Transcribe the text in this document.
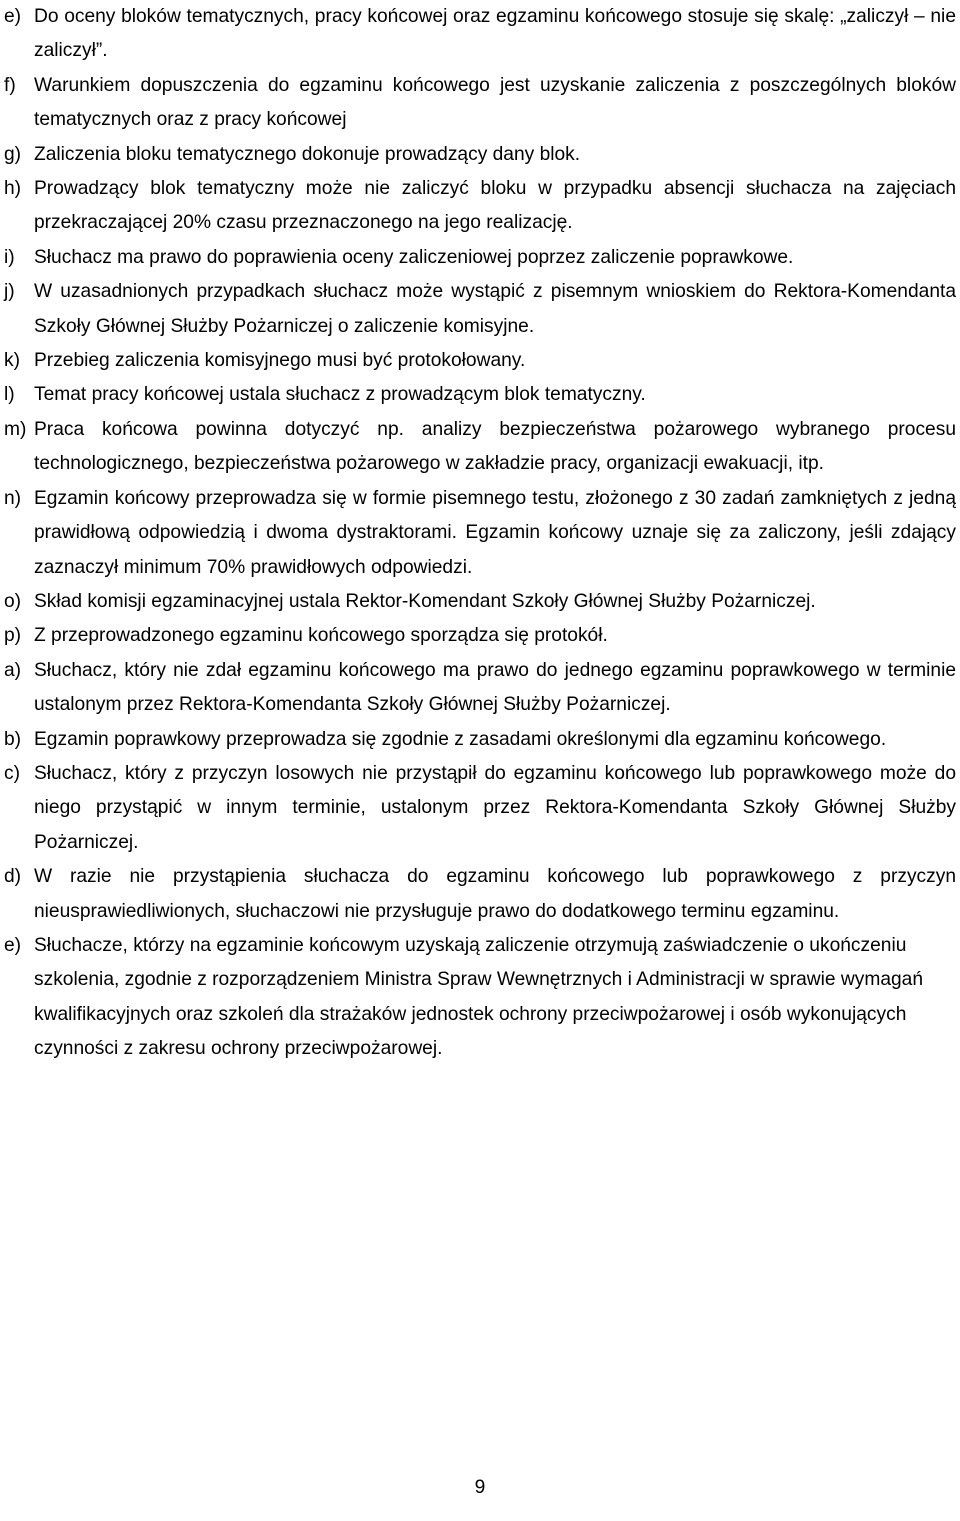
e) Do oceny bloków tematycznych, pracy końcowej oraz egzaminu końcowego stosuje się skalę: „zaliczył – nie zaliczył”.
f) Warunkiem dopuszczenia do egzaminu końcowego jest uzyskanie zaliczenia z poszczególnych bloków tematycznych oraz z pracy końcowej
g) Zaliczenia bloku tematycznego dokonuje prowadzący dany blok.
h) Prowadzący blok tematyczny może nie zaliczyć bloku w przypadku absencji słuchacza na zajęciach przekraczającej 20% czasu przeznaczonego na jego realizację.
i)	Słuchacz ma prawo do poprawienia oceny zaliczeniowej poprzez zaliczenie poprawkowe.
j)	W uzasadnionych przypadkach słuchacz może wystąpić z pisemnym wnioskiem do Rektora-Komendanta Szkoły Głównej Służby Pożarniczej o zaliczenie komisyjne.
k) Przebieg zaliczenia komisyjnego musi być protokołowany.
l)	Temat pracy końcowej ustala słuchacz z prowadzącym blok tematyczny.
m) Praca końcowa powinna dotyczyć np. analizy bezpieczeństwa pożarowego wybranego procesu technologicznego, bezpieczeństwa pożarowego w zakładzie pracy, organizacji ewakuacji, itp.
n) Egzamin końcowy przeprowadza się w formie pisemnego testu, złożonego z 30 zadań zamkniętych z jedną prawidłową odpowiedzią i dwoma dystraktorami. Egzamin końcowy uznaje się za zaliczony, jeśli zdający zaznaczył minimum 70% prawidłowych odpowiedzi.
o) Skład komisji egzaminacyjnej ustala Rektor-Komendant Szkoły Głównej Służby Pożarniczej.
p) Z przeprowadzonego egzaminu końcowego sporządza się protokół.
a) Słuchacz, który nie zdał egzaminu końcowego ma prawo do jednego egzaminu poprawkowego w terminie ustalonym przez Rektora-Komendanta Szkoły Głównej Służby Pożarniczej.
b) Egzamin poprawkowy przeprowadza się zgodnie z zasadami określonymi dla egzaminu końcowego.
c) Słuchacz, który z przyczyn losowych nie przystąpił do egzaminu końcowego lub poprawkowego może do niego przystąpić w innym terminie, ustalonym przez Rektora-Komendanta Szkoły Głównej Służby Pożarniczej.
d) W razie nie przystąpienia słuchacza do egzaminu końcowego lub poprawkowego z przyczyn nieusprawiedliwionych, słuchaczowi nie przysługuje prawo do dodatkowego terminu egzaminu.
e) Słuchacze, którzy na egzaminie końcowym uzyskają zaliczenie otrzymują zaświadczenie o ukończeniu szkolenia, zgodnie z rozporządzeniem Ministra Spraw Wewnętrznych i Administracji w sprawie wymagań kwalifikacyjnych oraz szkoleń dla strażaków jednostek ochrony przeciwpożarowej i osób wykonujących czynności z zakresu ochrony przeciwpożarowej.
9
